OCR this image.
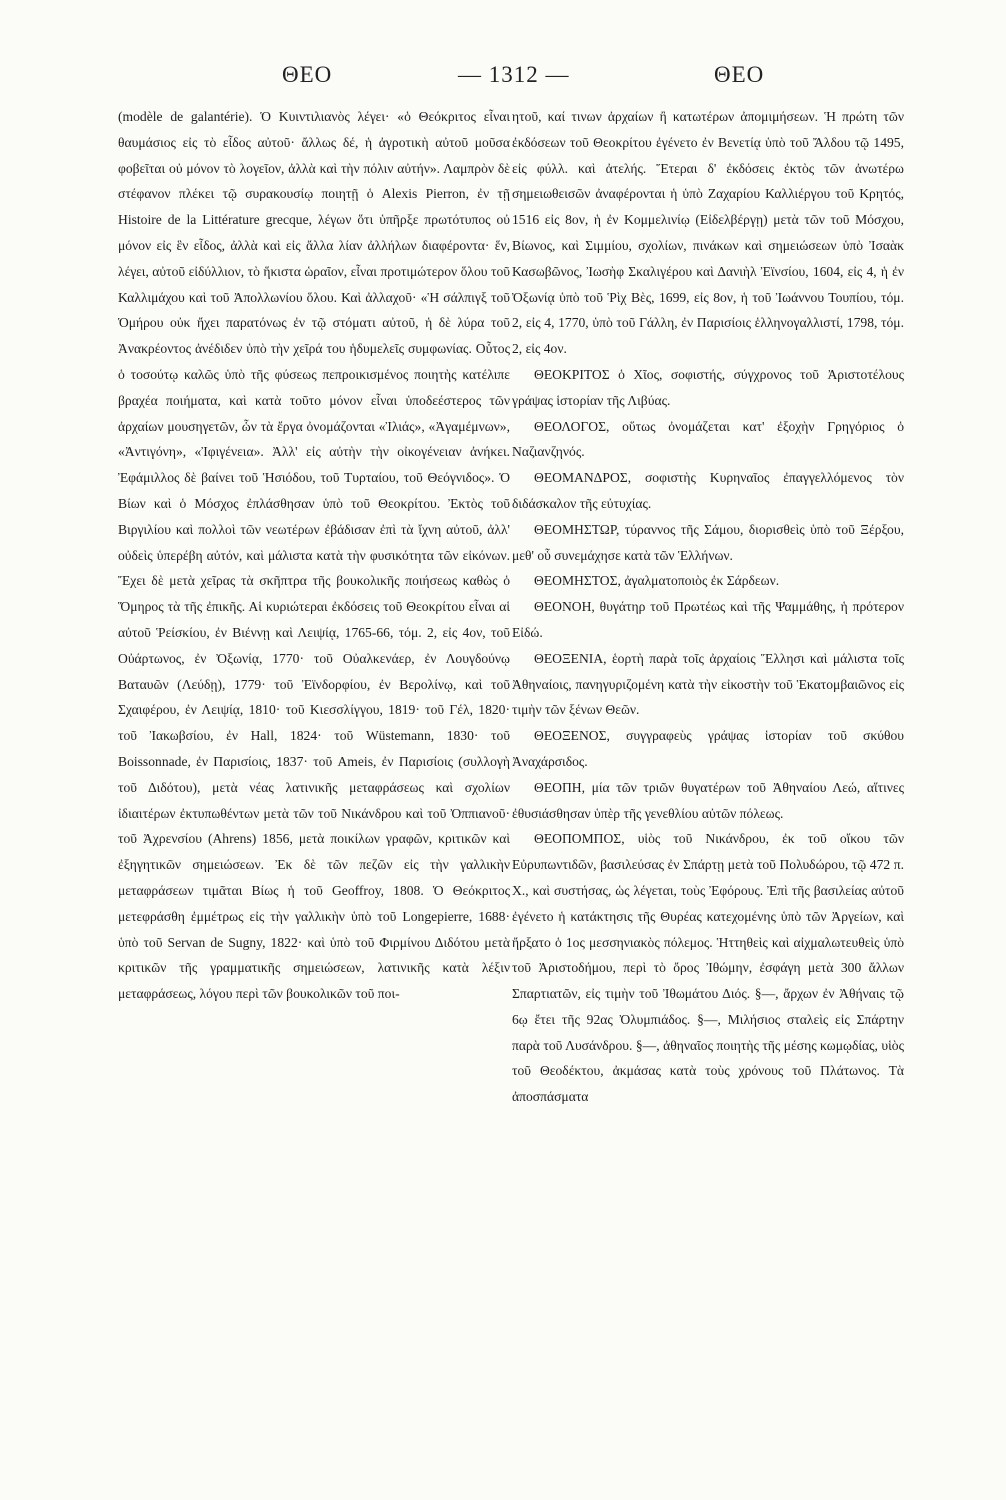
ΘΕΟ	— 1312 —	ΘΕΟ

(modèle de galantérie). Ὁ Κυιντιλιανὸς λέγει· «ὁ Θεόκριτος εἶναι θαυμάσιος εἰς τὸ εἶδος αὐτοῦ· ἄλλως δέ, ἡ ἀγροτικὴ αὐτοῦ μοῦσα φοβεῖται οὐ μόνον τὸ λογεῖον, ἀλλὰ καὶ τὴν πόλιν αὐτήν». Λαμπρὸν δὲ στέφανον πλέκει τῷ συρακουσίῳ ποιητῇ ὁ Alexis Pierron, ἐν τῇ Histoire de la Littérature grecque, λέγων ὅτι ὑπῆρξε πρωτότυπος οὐ μόνον εἰς ἓν εἶδος, ἀλλὰ καὶ εἰς ἄλλα λίαν ἀλλήλων διαφέροντα· ἕν, λέγει, αὐτοῦ εἰδύλλιον, τὸ ἥκιστα ὡραῖον, εἶναι προτιμώτερον ὅλου τοῦ Καλλιμάχου καὶ τοῦ Ἀπολλωνίου ὅλου. Καὶ ἀλλαχοῦ· «Ἡ σάλπιγξ τοῦ Ὁμήρου οὐκ ἤχει παρατόνως ἐν τῷ στόματι αὐτοῦ, ἡ δὲ λύρα τοῦ Ἀνακρέοντος ἀνέδιδεν ὑπὸ τὴν χεῖρά του ἡδυμελεῖς συμφωνίας. Οὗτος ὁ τοσούτῳ καλῶς ὑπὸ τῆς φύσεως πεπροικισμένος ποιητὴς κατέλιπε βραχέα ποιήματα, καὶ κατὰ τοῦτο μόνον εἶναι ὑποδεέστερος τῶν ἀρχαίων μουσηγετῶν, ὧν τὰ ἔργα ὀνομάζονται «Ἰλιάς», «Ἀγαμέμνων», «Ἀντιγόνη», «Ἰφιγένεια». Ἀλλ' εἰς αὐτὴν τὴν οἰκογένειαν ἀνήκει. Ἐφάμιλλος δὲ βαίνει τοῦ Ἡσιόδου, τοῦ Τυρταίου, τοῦ Θεόγνιδος». Ὁ Βίων καὶ ὁ Μόσχος ἐπλάσθησαν ὑπὸ τοῦ Θεοκρίτου. Ἐκτὸς τοῦ Βιργιλίου καὶ πολλοὶ τῶν νεωτέρων ἐβάδισαν ἐπὶ τὰ ἴχνη αὐτοῦ, ἀλλ' οὐδεὶς ὑπερέβη αὐτόν, καὶ μάλιστα κατὰ τὴν φυσικότητα τῶν εἰκόνων. Ἔχει δὲ μετὰ χεῖρας τὰ σκῆπτρα τῆς βουκολικῆς ποιήσεως καθὼς ὁ Ὅμηρος τὰ τῆς ἐπικῆς. Αἱ κυριώτεραι ἐκδόσεις τοῦ Θεοκρίτου εἶναι αἱ αὐτοῦ Ῥείσκίου, ἐν Βιέννῃ καὶ Λειψίᾳ, 1765-66, τόμ. 2, εἰς 4ον, τοῦ Οὐάρτωνος, ἐν Ὀξωνίᾳ, 1770· τοῦ Οὐαλκενάερ, ἐν Λουγδούνῳ Βαταυῶν (Λεύδῃ), 1779· τοῦ Ἐϊνδορφίου, ἐν Βερολίνῳ, καὶ τοῦ Σχαιφέρου, ἐν Λειψίᾳ, 1810· τοῦ Κιεσσλίγγου, 1819· τοῦ Γέλ, 1820· τοῦ Ἰακωβσίου, ἐν Hall, 1824· τοῦ Wüstemann, 1830· τοῦ Boissonnade, ἐν Παρισίοις, 1837· τοῦ Ameis, ἐν Παρισίοις (συλλογὴ τοῦ Διδότου), μετὰ νέας λατινικῆς μεταφράσεως καὶ σχολίων ἰδιαιτέρων ἐκτυπωθέντων μετὰ τῶν τοῦ Νικάνδρου καὶ τοῦ Ὀππιανοῦ· τοῦ Ἀχρενσίου (Ahrens) 1856, μετὰ ποικίλων γραφῶν, κριτικῶν καὶ ἐξηγητικῶν σημειώσεων. Ἐκ δὲ τῶν πεζῶν εἰς τὴν γαλλικὴν μεταφράσεων τιμᾶται Βίως ἡ τοῦ Geoffroy, 1808. Ὁ Θεόκριτος μετεφράσθη ἐμμέτρως εἰς τὴν γαλλικὴν ὑπὸ τοῦ Longepierre, 1688· ὑπὸ τοῦ Servan de Sugny, 1822· καὶ ὑπὸ τοῦ Φιρμίνου Διδότου μετὰ κριτικῶν τῆς γραμματικῆς σημειώσεων, λατινικῆς κατὰ λέξιν μεταφράσεως, λόγου περὶ τῶν βουκολικῶν τοῦ ποι-

ητοῦ, καί τινων ἀρχαίων ἢ κατωτέρων ἀπομιμήσεων. Ἡ πρώτη τῶν ἐκδόσεων τοῦ Θεοκρίτου ἐγένετο ἐν Βενετίᾳ ὑπὸ τοῦ Ἄλδου τῷ 1495, εἰς φύλλ. καὶ ἀτελής. Ἕτεραι δ' ἐκδόσεις ἐκτὸς τῶν ἀνωτέρω σημειωθεισῶν ἀναφέρονται ἡ ὑπὸ Ζαχαρίου Καλλιέργου τοῦ Κρητός, 1516 εἰς 8ον, ἡ ἐν Κομμελινίῳ (Εἰδελβέργῃ) μετὰ τῶν τοῦ Μόσχου, Βίωνος, καὶ Σιμμίου, σχολίων, πινάκων καὶ σημειώσεων ὑπὸ Ἰσαὰκ Κασωβῶνος, Ἰωσὴφ Σκαλιγέρου καὶ Δανιὴλ Ἐϊνσίου, 1604, εἰς 4, ἡ ἐν Ὀξωνίᾳ ὑπὸ τοῦ Ῥὶχ Βὲς, 1699, εἰς 8ον, ἡ τοῦ Ἰωάννου Τουπίου, τόμ. 2, εἰς 4, 1770, ὑπὸ τοῦ Γάλλη, ἐν Παρισίοις ἑλληνογαλλιστί, 1798, τόμ. 2, εἰς 4ον.

ΘΕΟΚΡΙΤΟΣ ὁ Χῖος, σοφιστής, σύγχρονος τοῦ Ἀριστοτέλους γράψας ἱστορίαν τῆς Λιβύας.

ΘΕΟΛΟΓΟΣ, οὕτως ὀνομάζεται κατ' ἐξοχὴν Γρηγόριος ὁ Ναζιανζηνός.

ΘΕΟΜΑΝΔΡΟΣ, σοφιστὴς Κυρηναῖος ἐπαγγελλόμενος τὸν διδάσκαλον τῆς εὐτυχίας.

ΘΕΟΜΗΣΤΩΡ, τύραννος τῆς Σάμου, διορισθεὶς ὑπὸ τοῦ Ξέρξου, μεθ' οὗ συνεμάχησε κατὰ τῶν Ἑλλήνων.

ΘΕΟΜΗΣΤΟΣ, ἀγαλματοποιὸς ἐκ Σάρδεων.

ΘΕΟΝΟΗ, θυγάτηρ τοῦ Πρωτέως καὶ τῆς Ψαμμάθης, ἡ πρότερον Εἰδώ.

ΘΕΟΞΕΝΙΑ, ἑορτὴ παρὰ τοῖς ἀρχαίοις Ἕλλησι καὶ μάλιστα τοῖς Ἀθηναίοις, πανηγυριζομένη κατὰ τὴν εἰκοστὴν τοῦ Ἑκατομβαιῶνος εἰς τιμὴν τῶν ξένων Θεῶν.

ΘΕΟΞΕΝΟΣ, συγγραφεὺς γράψας ἱστορίαν τοῦ σκύθου Ἀναχάρσιδος.

ΘΕΟΠΗ, μία τῶν τριῶν θυγατέρων τοῦ Ἀθηναίου Λεώ, αἵτινες ἐθυσιάσθησαν ὑπὲρ τῆς γενεθλίου αὐτῶν πόλεως.

ΘΕΟΠΟΜΠΟΣ, υἱὸς τοῦ Νικάνδρου, ἐκ τοῦ οἴκου τῶν Εὐρυπωντιδῶν, βασιλεύσας ἐν Σπάρτῃ μετὰ τοῦ Πολυδώρου, τῷ 472 π. Χ., καὶ συστήσας, ὡς λέγεται, τοὺς Ἐφόρους. Ἐπὶ τῆς βασιλείας αὐτοῦ ἐγένετο ἡ κατάκτησις τῆς Θυρέας κατεχομένης ὑπὸ τῶν Ἀργείων, καὶ ἤρξατο ὁ 1ος μεσσηνιακὸς πόλεμος. Ἡττηθεὶς καὶ αἰχμαλωτευθεὶς ὑπὸ τοῦ Ἀριστοδήμου, περὶ τὸ ὄρος Ἰθώμην, ἐσφάγη μετὰ 300 ἄλλων Σπαρτιατῶν, εἰς τιμὴν τοῦ Ἰθωμάτου Διός. §—, ἄρχων ἐν Ἀθήναις τῷ 6ῳ ἔτει τῆς 92ας Ὀλυμπιάδος. §—, Μιλήσιος σταλεὶς εἰς Σπάρτην παρὰ τοῦ Λυσάνδρου. §—, ἀθηναῖος ποιητὴς τῆς μέσης κωμῳδίας, υἱὸς τοῦ Θεοδέκτου, ἀκμάσας κατὰ τοὺς χρόνους τοῦ Πλάτωνος. Τὰ ἀποσπάσματα
